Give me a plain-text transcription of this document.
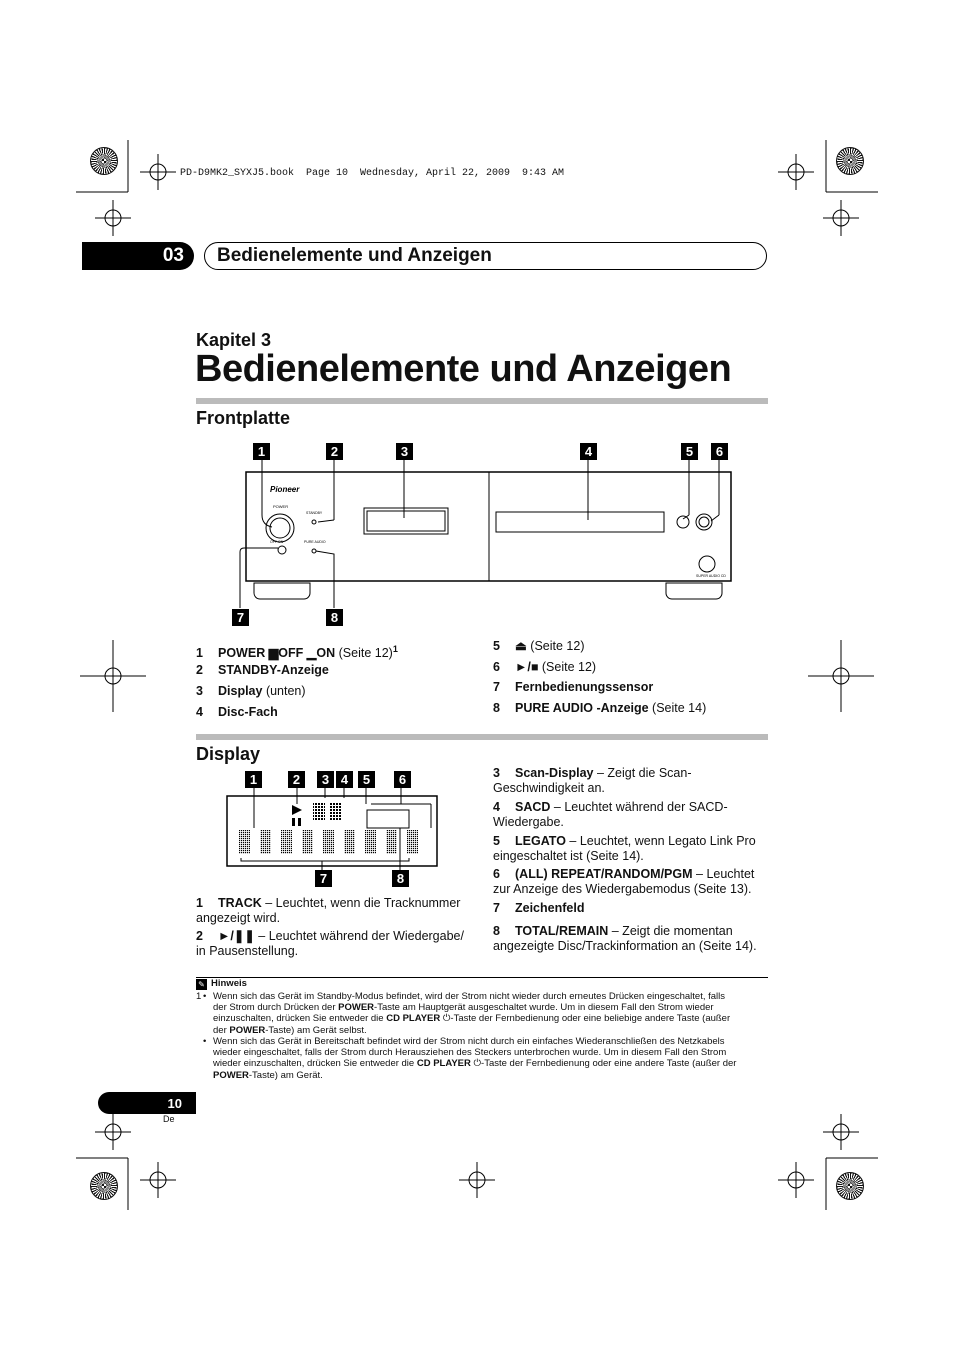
PD-D9MK2_SYXJ5.book  Page 10  Wednesday, April 22, 2009  9:43 AM
03	Bedienelemente und Anzeigen
Kapitel 3
Bedienelemente und Anzeigen
Frontplatte
1	2	3	4	5	6
7	8
Pioneer
POWER
STANDBY
OFF ON	PURE AUDIO
SUPER AUDIO CD
1 POWER ▆OFF ▁ON (Seite 12)$^1$
2 STANDBY-Anzeige
3 Display (unten)
4 Disc-Fach
5 ⏏ (Seite 12)
6 ►/■ (Seite 12)
7 Fernbedienungssensor
8 PURE AUDIO -Anzeige (Seite 14)
Display
1	2	3 4	5	6
7	8
1 TRACK – Leuchtet, wenn die Tracknummer angezeigt wird.
2 ►/❚❚ – Leuchtet während der Wiedergabe/ in Pausenstellung.
3 Scan-Display – Zeigt die Scan-Geschwindigkeit an.
4 SACD – Leuchtet während der SACD-Wiedergabe.
5 LEGATO – Leuchtet, wenn Legato Link Pro eingeschaltet ist (Seite 14).
6 (ALL) REPEAT/RANDOM/PGM – Leuchtet zur Anzeige des Wiedergabemodus (Seite 13).
7 Zeichenfeld
8 TOTAL/REMAIN – Zeigt die momentan angezeigte Disc/Trackinformation an (Seite 14).
✎ Hinweis
1 • Wenn sich das Gerät im Standby-Modus befindet, wird der Strom nicht wieder durch erneutes Drücken eingeschaltet, falls
der Strom durch Drücken der POWER-Taste am Hauptgerät ausgeschaltet wurde. Um in diesem Fall den Strom wieder
einzuschalten, drücken Sie entweder die CD PLAYER ⏻-Taste der Fernbedienung oder eine beliebige andere Taste (außer
der POWER-Taste) am Gerät selbst.
• Wenn sich das Gerät in Bereitschaft befindet wird der Strom nicht durch ein einfaches Wiederanschließen des Netzkabels
wieder eingeschaltet, falls der Strom durch Herausziehen des Steckers unterbrochen wurde. Um in diesem Fall den Strom
wieder einzuschalten, drücken Sie entweder die CD PLAYER ⏻-Taste der Fernbedienung oder eine andere Taste (außer der
POWER-Taste) am Gerät.
10
De
